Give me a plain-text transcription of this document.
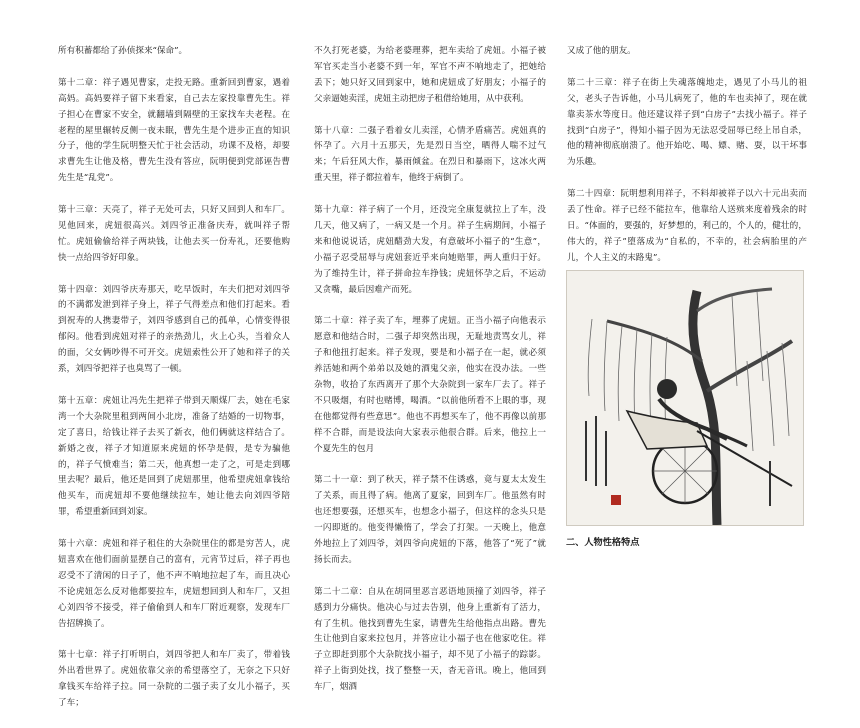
所有积蓄都给了孙侦探来“保命”。

第十二章：祥子遇见曹家，走投无路。重新回到曹家，遇着高妈。高妈要祥子留下来看家，自己去左家投靠曹先生。祥子担心在曹家不安全，就翻墙到隔壁的王家找车夫老程。在老程的屋里辗转反侧一夜未眠，曹先生是个进步正直的知识分子，他的学生阮明整天忙于社会活动，功课不及格，却要求曹先生让他及格，曹先生没有答应，阮明便到党部诬告曹先生是“乱党”。

第十三章：天亮了，祥子无处可去，只好又回到人和车厂。见他回来，虎妞很高兴。刘四爷正准备庆寿，就叫祥子帮忙。虎妞偷偷给祥子两块钱，让他去买一份寿礼，还要他购快一点给四爷好印象。

第十四章：刘四爷庆寿那天，吃早饭时，车夫们把对刘四爷的不满都发泄到祥子身上，祥子气得差点和他们打起来。看到祝寿的人携妻带子，刘四爷感到自己的孤单，心情变得很郁闷。他看到虎妞对祥子的亲热劲儿，火上心头，当着众人的面，父女俩吵得不可开交。虎妞索性公开了她和祥子的关系，刘四爷把祥子也臭骂了一顿。

第十五章：虎妞让冯先生把祥子带到天顺煤厂去，她在毛家湾一个大杂院里租到两间小北房，准备了结婚的一切物事，定了喜日，给钱让祥子去买了新衣，他们俩就这样结合了。新婚之夜，祥子才知道原来虎妞的怀孕是假，是专为骗他的，祥子气愤难当；第二天，他真想一走了之，可是走到哪里去呢？最后，他还是回到了虎妞那里，他希望虎妞拿钱给他买车，而虎妞却不要他继续拉车，她让他去向刘四爷陪罪，希望重新回到刘家。

第十六章：虎妞和祥子租住的大杂院里住的都是穷苦人，虎妞喜欢在他们面前显摆自己的富有，元宵节过后，祥子再也忍受不了清闲的日子了，他不声不响地拉起了车，而且决心不论虎妞怎么反对他都要拉车，虎妞想回到人和车厂，又担心刘四爷不接受，祥子偷偷到人和车厂附近观察，发现车厂告招牌换了。

第十七章：祥子打听明白，刘四爷把人和车厂卖了，带着钱外出看世界了。虎妞依靠父亲的希望落空了，无奈之下只好拿钱买车给祥子拉。同一杂院的二强子卖了女儿小福子，买了车；

不久打死老婆，为给老婆理葬，把车卖给了虎妞。小福子被军官买走当小老婆不到一年，军官不声不响地走了，把她给丢下；她只好又回到家中，她和虎妞成了好朋友；小福子的父亲逼她卖淫，虎妞主动把房子租借给她用，从中获利。

第十八章：二强子看着女儿卖淫，心情矛盾痛苦。虎妞真的怀孕了。六月十五那天，先是烈日当空，晒得人喘不过气来；午后狂风大作，暴雨倾盆。在烈日和暴雨下，这冰火两重天里，祥子都拉着车，他终于病倒了。

第十九章：祥子病了一个月，还没完全康复就拉上了车，没几天，他又病了，一病又是一个月。祥子生病期间，小福子来和他说说话，虎妞醋劲大发，有意破坏小福子的“生意”，小福子忍受屈辱与虎妞套近乎来向她赔罪，两人重归于好。为了维持生计，祥子拼命拉车挣钱；虎妞怀孕之后，不运动又贪嘴，最后因难产而死。

第二十章：祥子卖了车，埋葬了虎妞。正当小福子向他表示愿意和他结合时，二强子却突然出现，无耻地责骂女儿，祥子和他扭打起来。祥子发现，要是和小福子在一起，就必须养活她和两个弟弟以及她的酒鬼父亲，他实在没办法。一些杂物，收拾了东西离开了那个大杂院到一家车厂去了。祥子不只吸烟，有时也赌博，喝酒。“以前他所看不上眼的事，现在他都觉得有些意思”。他也不再想买车了，他不再像以前那样不合群，而是设法向大家表示他很合群。后来，他拉上一个夏先生的包月

第二十一章：到了秋天，祥子禁不住诱惑，竟与夏太太发生了关系，而且得了病。他离了夏家，回到车厂。他虽然有时也还想要强，还想买车，也想念小福子，但这样的念头只是一闪即逝的。他变得懒惰了，学会了打架。一天晚上，他意外地拉上了刘四爷，刘四爷向虎妞的下落，他答了“死了”就扬长而去。

第二十二章：自从在胡同里恶言恶语地顶撞了刘四爷，祥子感到力分痛快。他决心与过去告别，他身上重新有了活力，有了生机。他找到曹先生家，请曹先生给他指点出路。曹先生让他到自家来拉包月，并答应让小福子也在他家吃住。祥子立即赶到那个大杂院找小福子，却不见了小福子的踪影。祥子上街到处找，找了整整一天，杳无音讯。晚上，他回到车厂，烟酒

又成了他的朋友。

第二十三章：祥子在街上失魂落魄地走，遇见了小马儿的祖父，老头子告诉他，小马儿病死了，他的车也卖掉了，现在就靠卖茶水等度日。他还建议祥子到“白房子”去找小福子。祥子找到“白房子”，得知小福子因为无法忍受屈辱已经上吊自杀，他的精神彻底崩溃了。他开始吃、喝、嫖、赌、耍，以干坏事为乐趣。

第二十四章：阮明想利用祥子，不料却被祥子以六十元出卖而丢了性命。祥子已经不能拉车，他靠给人送殡来度着残余的时日。“体面的，要强的，好梦想的，利己的，个人的，健壮的，伟大的，祥子”堕落成为“自私的，不幸的，社会病胎里的产儿，个人主义的末路鬼”。

二、人物性格特点
